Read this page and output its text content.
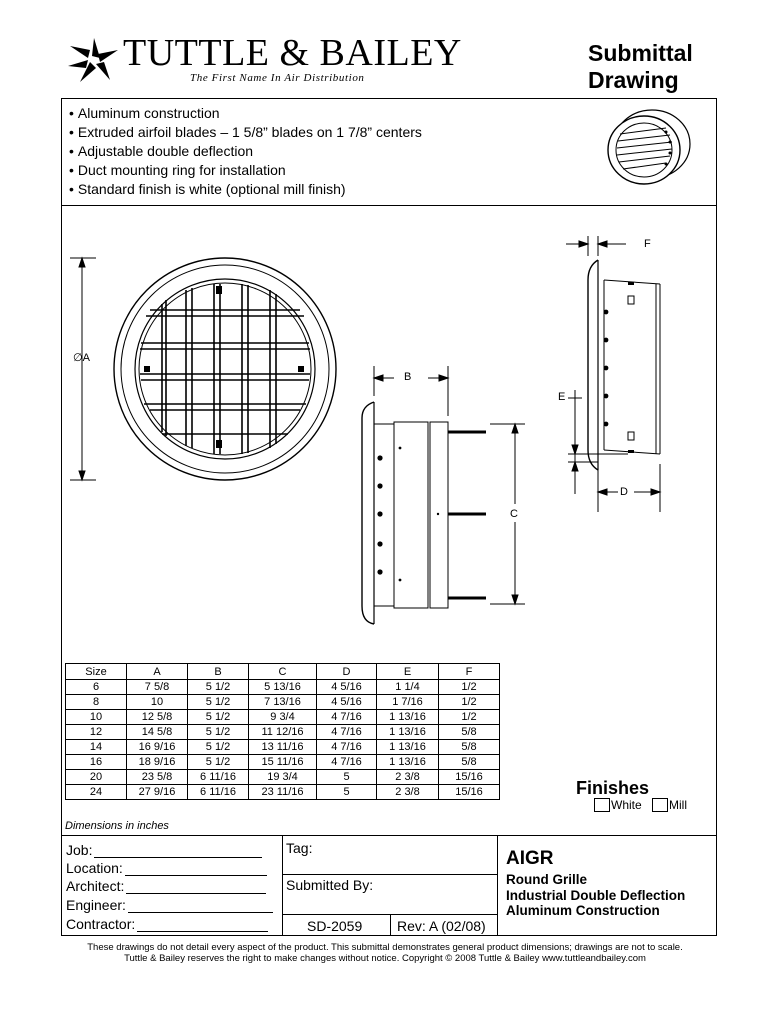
TUTTLE & BAILEY
The First Name In Air Distribution
Submittal
Drawing
• Aluminum construction
• Extruded airfoil blades – 1 5/8” blades on 1 7/8” centers
• Adjustable double deflection
• Duct mounting ring for installation
• Standard finish is white (optional mill finish)
∅A
B
C
F
E
D
Size	A	B	C	D	E	F
6	7 5/8	5 1/2	5 13/16	4 5/16	1 1/4	1/2
8	10	5 1/2	7 13/16	4 5/16	1 7/16	1/2
10	12 5/8	5 1/2	9 3/4	4 7/16	1 13/16	1/2
12	14 5/8	5 1/2	11 12/16	4 7/16	1 13/16	5/8
14	16 9/16	5 1/2	13 11/16	4 7/16	1 13/16	5/8
16	18 9/16	5 1/2	15 11/16	4 7/16	1 13/16	5/8
20	23 5/8	6 11/16	19 3/4	5	2 3/8	15/16
24	27 9/16	6 11/16	23 11/16	5	2 3/8	15/16
Dimensions in inches
Finishes
White Mill
Job:
Location:
Architect:
Engineer:
Contractor:
Tag:
Submitted By:
SD-2059 Rev: A (02/08)
AIGR
Round Grille
Industrial Double Deflection
Aluminum Construction
These drawings do not detail every aspect of the product. This submittal demonstrates general product dimensions; drawings are not to scale.
Tuttle & Bailey reserves the right to make changes without notice. Copyright © 2008 Tuttle & Bailey www.tuttleandbailey.com
